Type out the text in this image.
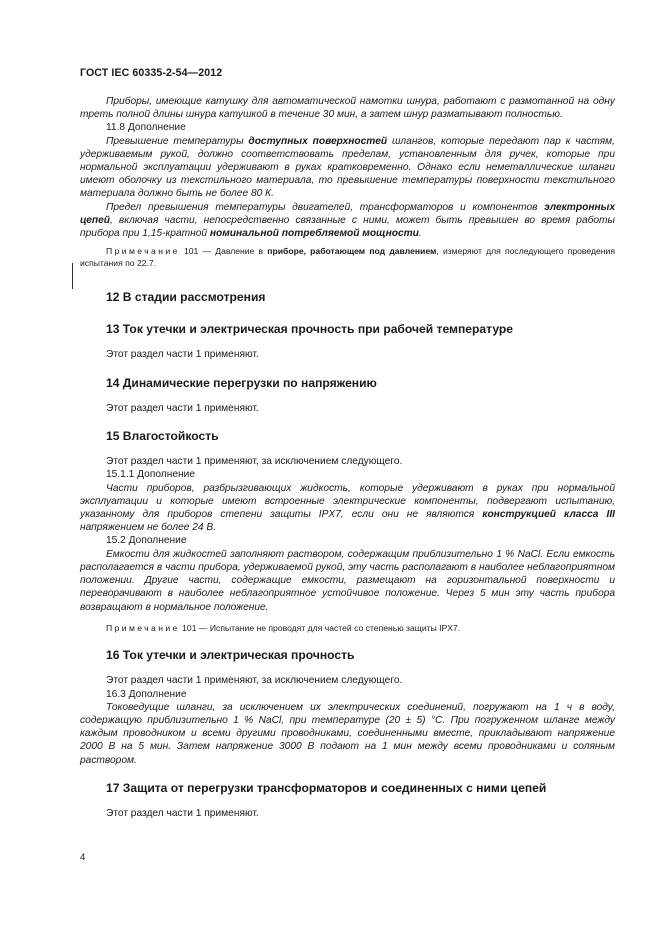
ГОСТ IEC 60335-2-54—2012

Приборы, имеющие катушку для автоматической намотки шнура, работают с размотанной на одну треть полной длины шнура катушкой в течение 30 мин, а затем шнур разматывают полностью.

11.8 Дополнение

Превышение температуры доступных поверхностей шлангов, которые передают пар к частям, удерживаемым рукой, должно соответствовать пределам, установленным для ручек, которые при нормальной эксплуатации удерживают в руках кратковременно. Однако если неметаллические шланги имеют оболочку из текстильного материала, то превышение температуры поверхности текстильного материала должно быть не более 80 К.

Предел превышения температуры двигателей, трансформаторов и компонентов электронных цепей, включая части, непосредственно связанные с ними, может быть превышен во время работы прибора при 1,15-кратной номинальной потребляемой мощности.

Примечание 101 — Давление в приборе, работающем под давлением, измеряют для последующего проведения испытания по 22.7.

12 В стадии рассмотрения
13 Ток утечки и электрическая прочность при рабочей температуре

Этот раздел части 1 применяют.

14 Динамические перегрузки по напряжению

Этот раздел части 1 применяют.

15 Влагостойкость

Этот раздел части 1 применяют, за исключением следующего.

15.1.1 Дополнение

Части приборов, разбрызгивающих жидкость, которые удерживают в руках при нормальной эксплуатации и которые имеют встроенные электрические компоненты, подвергают испытанию, указанному для приборов степени защиты IPX7, если они не являются конструкцией класса III напряжением не более 24 В.

15.2 Дополнение

Емкости для жидкостей заполняют раствором, содержащим приблизительно 1 % NaCl. Если емкость располагается в части прибора, удерживаемой рукой, эту часть располагают в наиболее неблагоприятном положении. Другие части, содержащие емкости, размещают на горизонтальной поверхности и переворачивают в наиболее неблагоприятное устойчивое положение. Через 5 мин эту часть прибора возвращают в нормальное положение.

Примечание 101 — Испытание не проводят для частей со степенью защиты IPX7.

16 Ток утечки и электрическая прочность

Этот раздел части 1 применяют, за исключением следующего.

16.3 Дополнение

Токоведущие шланги, за исключением их электрических соединений, погружают на 1 ч в воду, содержащую приблизительно 1 % NaCl, при температуре (20 ± 5) °С. При погруженном шланге между каждым проводником и всеми другими проводниками, соединенными вместе, прикладывают напряжение 2000 В на 5 мин. Затем напряжение 3000 В подают на 1 мин между всеми проводниками и соляным раствором.

17 Защита от перегрузки трансформаторов и соединенных с ними цепей

Этот раздел части 1 применяют.

4
